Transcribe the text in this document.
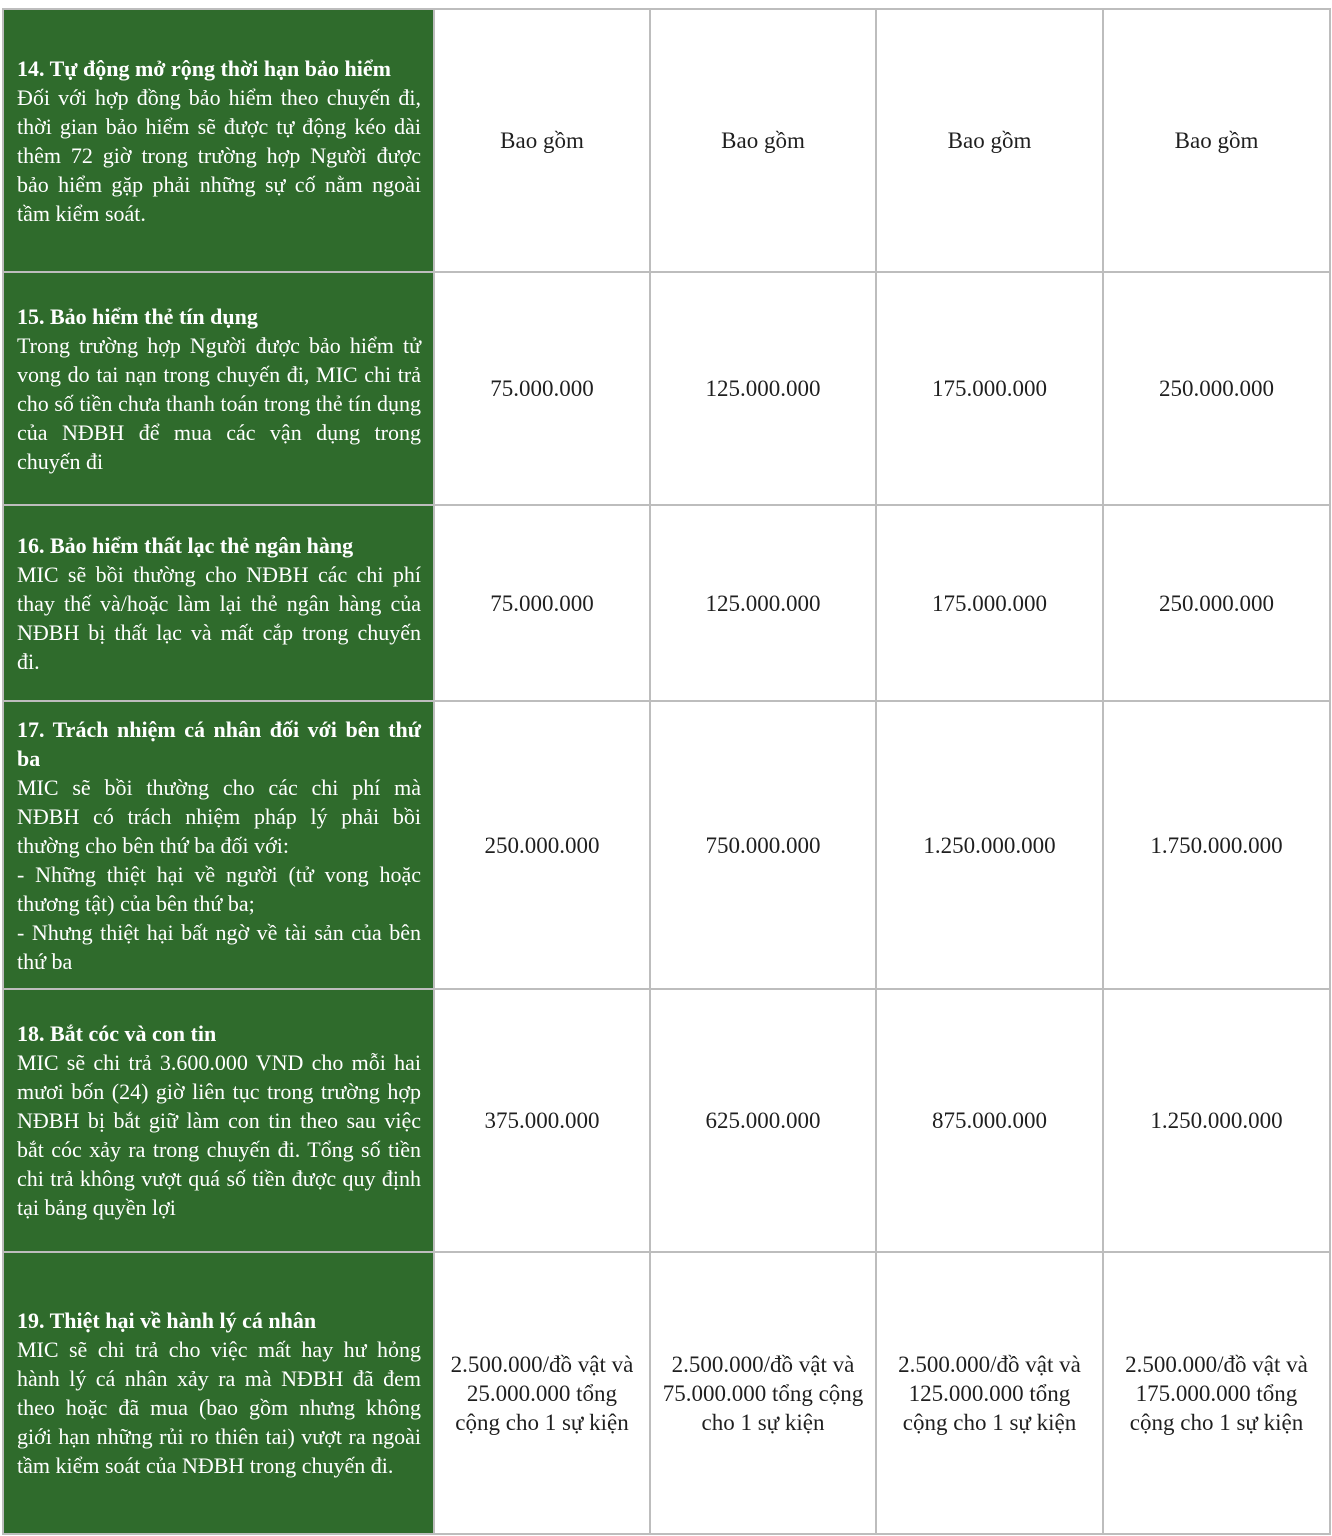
14. Tự động mở rộng thời hạn bảo hiểm
Đối với hợp đồng bảo hiểm theo chuyến đi, thời gian bảo hiểm sẽ được tự động kéo dài thêm 72 giờ trong trường hợp Người được bảo hiểm gặp phải những sự cố nằm ngoài tầm kiểm soát.	Bao gồm	Bao gồm	Bao gồm	Bao gồm

15. Bảo hiểm thẻ tín dụng
Trong trường hợp Người được bảo hiểm tử vong do tai nạn trong chuyến đi, MIC chi trả cho số tiền chưa thanh toán trong thẻ tín dụng của NĐBH để mua các vận dụng trong chuyến đi	75.000.000	125.000.000	175.000.000	250.000.000

16. Bảo hiểm thất lạc thẻ ngân hàng
MIC sẽ bồi thường cho NĐBH các chi phí thay thế và/hoặc làm lại thẻ ngân hàng của NĐBH bị thất lạc và mất cắp trong chuyến đi.	75.000.000	125.000.000	175.000.000	250.000.000

17. Trách nhiệm cá nhân đối với bên thứ ba
MIC sẽ bồi thường cho các chi phí mà NĐBH có trách nhiệm pháp lý phải bồi thường cho bên thứ ba đối với:
- Những thiệt hại về người (tử vong hoặc thương tật) của bên thứ ba;
- Nhưng thiệt hại bất ngờ về tài sản của bên thứ ba	250.000.000	750.000.000	1.250.000.000	1.750.000.000

18. Bắt cóc và con tin
MIC sẽ chi trả 3.600.000 VND cho mỗi hai mươi bốn (24) giờ liên tục trong trường hợp NĐBH bị bắt giữ làm con tin theo sau việc bắt cóc xảy ra trong chuyến đi. Tổng số tiền chi trả không vượt quá số tiền được quy định tại bảng quyền lợi	375.000.000	625.000.000	875.000.000	1.250.000.000

19. Thiệt hại về hành lý cá nhân
MIC sẽ chi trả cho việc mất hay hư hỏng hành lý cá nhân xảy ra mà NĐBH đã đem theo hoặc đã mua (bao gồm nhưng không giới hạn những rủi ro thiên tai) vượt ra ngoài tầm kiểm soát của NĐBH trong chuyến đi.	2.500.000/đồ vật và 25.000.000 tổng cộng cho 1 sự kiện	2.500.000/đồ vật và 75.000.000 tổng cộng cho 1 sự kiện	2.500.000/đồ vật và 125.000.000 tổng cộng cho 1 sự kiện	2.500.000/đồ vật và 175.000.000 tổng cộng cho 1 sự kiện
